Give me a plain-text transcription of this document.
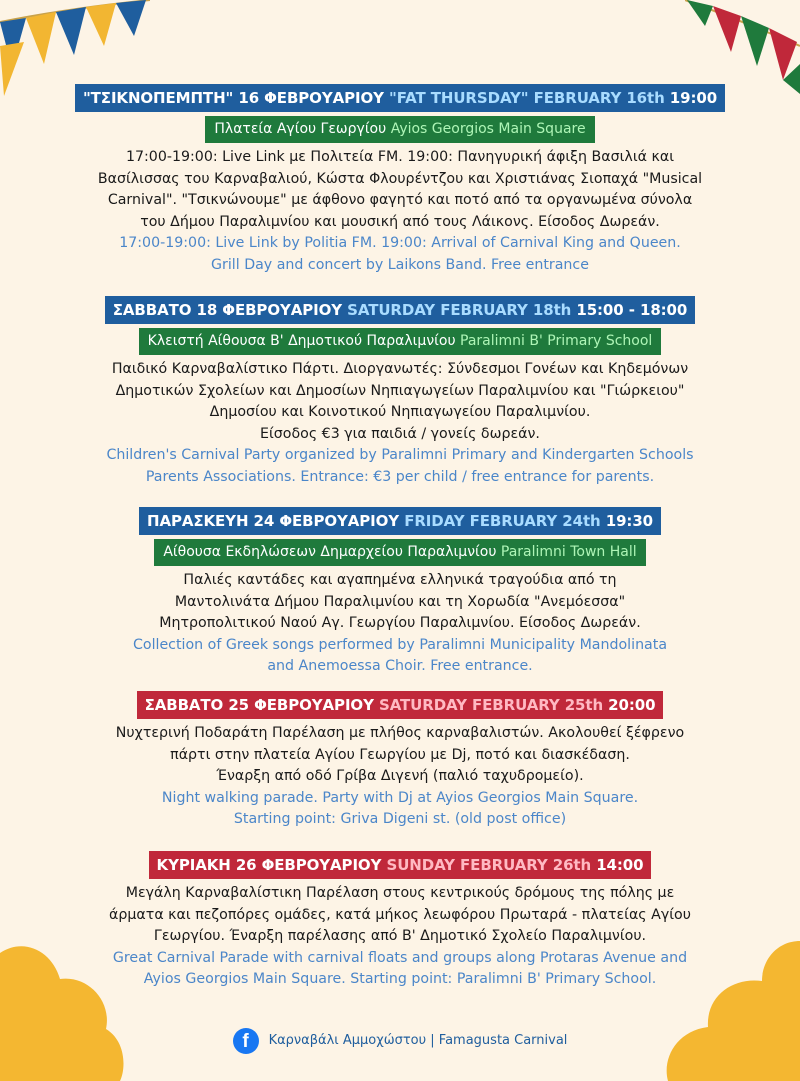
"ΤΣΙΚΝΟΠΕΜΠΤΗ" 16 ΦΕΒΡΟΥΑΡΙΟΥ "FAT THURSDAY" FEBRUARY 16th 19:00
Πλατεία Αγίου Γεωργίου Ayios Georgios Main Square
17:00-19:00: Live Link με Πολιτεία FM. 19:00: Πανηγυρική άφιξη Βασιλιά και
Βασίλισσας του Καρναβαλιού, Κώστα Φλουρέντζου και Χριστιάνας Σιοπαχά "Musical
Carnival". "Τσικνώνουμε" με άφθονο φαγητό και ποτό από τα οργανωμένα σύνολα
του Δήμου Παραλιμνίου και μουσική από τους Λάικονς. Είσοδος Δωρεάν.
17:00-19:00: Live Link by Politia FM. 19:00: Arrival of Carnival King and Queen.
Grill Day and concert by Laikons Band. Free entrance
ΣΑΒΒΑΤΟ 18 ΦΕΒΡΟΥΑΡΙΟΥ SATURDAY FEBRUARY 18th 15:00 - 18:00
Κλειστή Αίθουσα Β' Δημοτικού Παραλιμνίου Paralimni B' Primary School
Παιδικό Καρναβαλίστικο Πάρτι. Διοργανωτές: Σύνδεσμοι Γονέων και Κηδεμόνων
Δημοτικών Σχολείων και Δημοσίων Νηπιαγωγείων Παραλιμνίου και "Γιώρκειου"
Δημοσίου και Κοινοτικού Νηπιαγωγείου Παραλιμνίου.
Είσοδος €3 για παιδιά / γονείς δωρεάν.
Children's Carnival Party organized by Paralimni Primary and Kindergarten Schools
Parents Associations. Entrance: €3 per child / free entrance for parents.
ΠΑΡΑΣΚΕΥΗ 24 ΦΕΒΡΟΥΑΡΙΟΥ FRIDAY FEBRUARY 24th 19:30
Αίθουσα Εκδηλώσεων Δημαρχείου Παραλιμνίου Paralimni Town Hall
Παλιές καντάδες και αγαπημένα ελληνικά τραγούδια από τη
Μαντολινάτα Δήμου Παραλιμνίου και τη Χορωδία "Ανεμόεσσα"
Μητροπολιτικού Ναού Αγ. Γεωργίου Παραλιμνίου. Είσοδος Δωρεάν.
Collection of Greek songs performed by Paralimni Municipality Mandolinata
and Anemoessa Choir. Free entrance.
ΣΑΒΒΑΤΟ 25 ΦΕΒΡΟΥΑΡΙΟΥ SATURDAY FEBRUARY 25th 20:00
Νυχτερινή Ποδαράτη Παρέλαση με πλήθος καρναβαλιστών. Ακολουθεί ξέφρενο
πάρτι στην πλατεία Αγίου Γεωργίου με Dj, ποτό και διασκέδαση.
Έναρξη από οδό Γρίβα Διγενή (παλιό ταχυδρομείο).
Night walking parade. Party with Dj at Ayios Georgios Main Square.
Starting point: Griva Digeni st. (old post office)
ΚΥΡΙΑΚΗ 26 ΦΕΒΡΟΥΑΡΙΟΥ SUNDAY FEBRUARY 26th 14:00
Μεγάλη Καρναβαλίστικη Παρέλαση στους κεντρικούς δρόμους της πόλης με
άρματα και πεζοπόρες ομάδες, κατά μήκος λεωφόρου Πρωταρά - πλατείας Αγίου
Γεωργίου. Έναρξη παρέλασης από Β' Δημοτικό Σχολείο Παραλιμνίου.
Great Carnival Parade with carnival floats and groups along Protaras Avenue and
Ayios Georgios Main Square. Starting point: Paralimni B' Primary School.
f Καρναβάλι Αμμοχώστου | Famagusta Carnival
